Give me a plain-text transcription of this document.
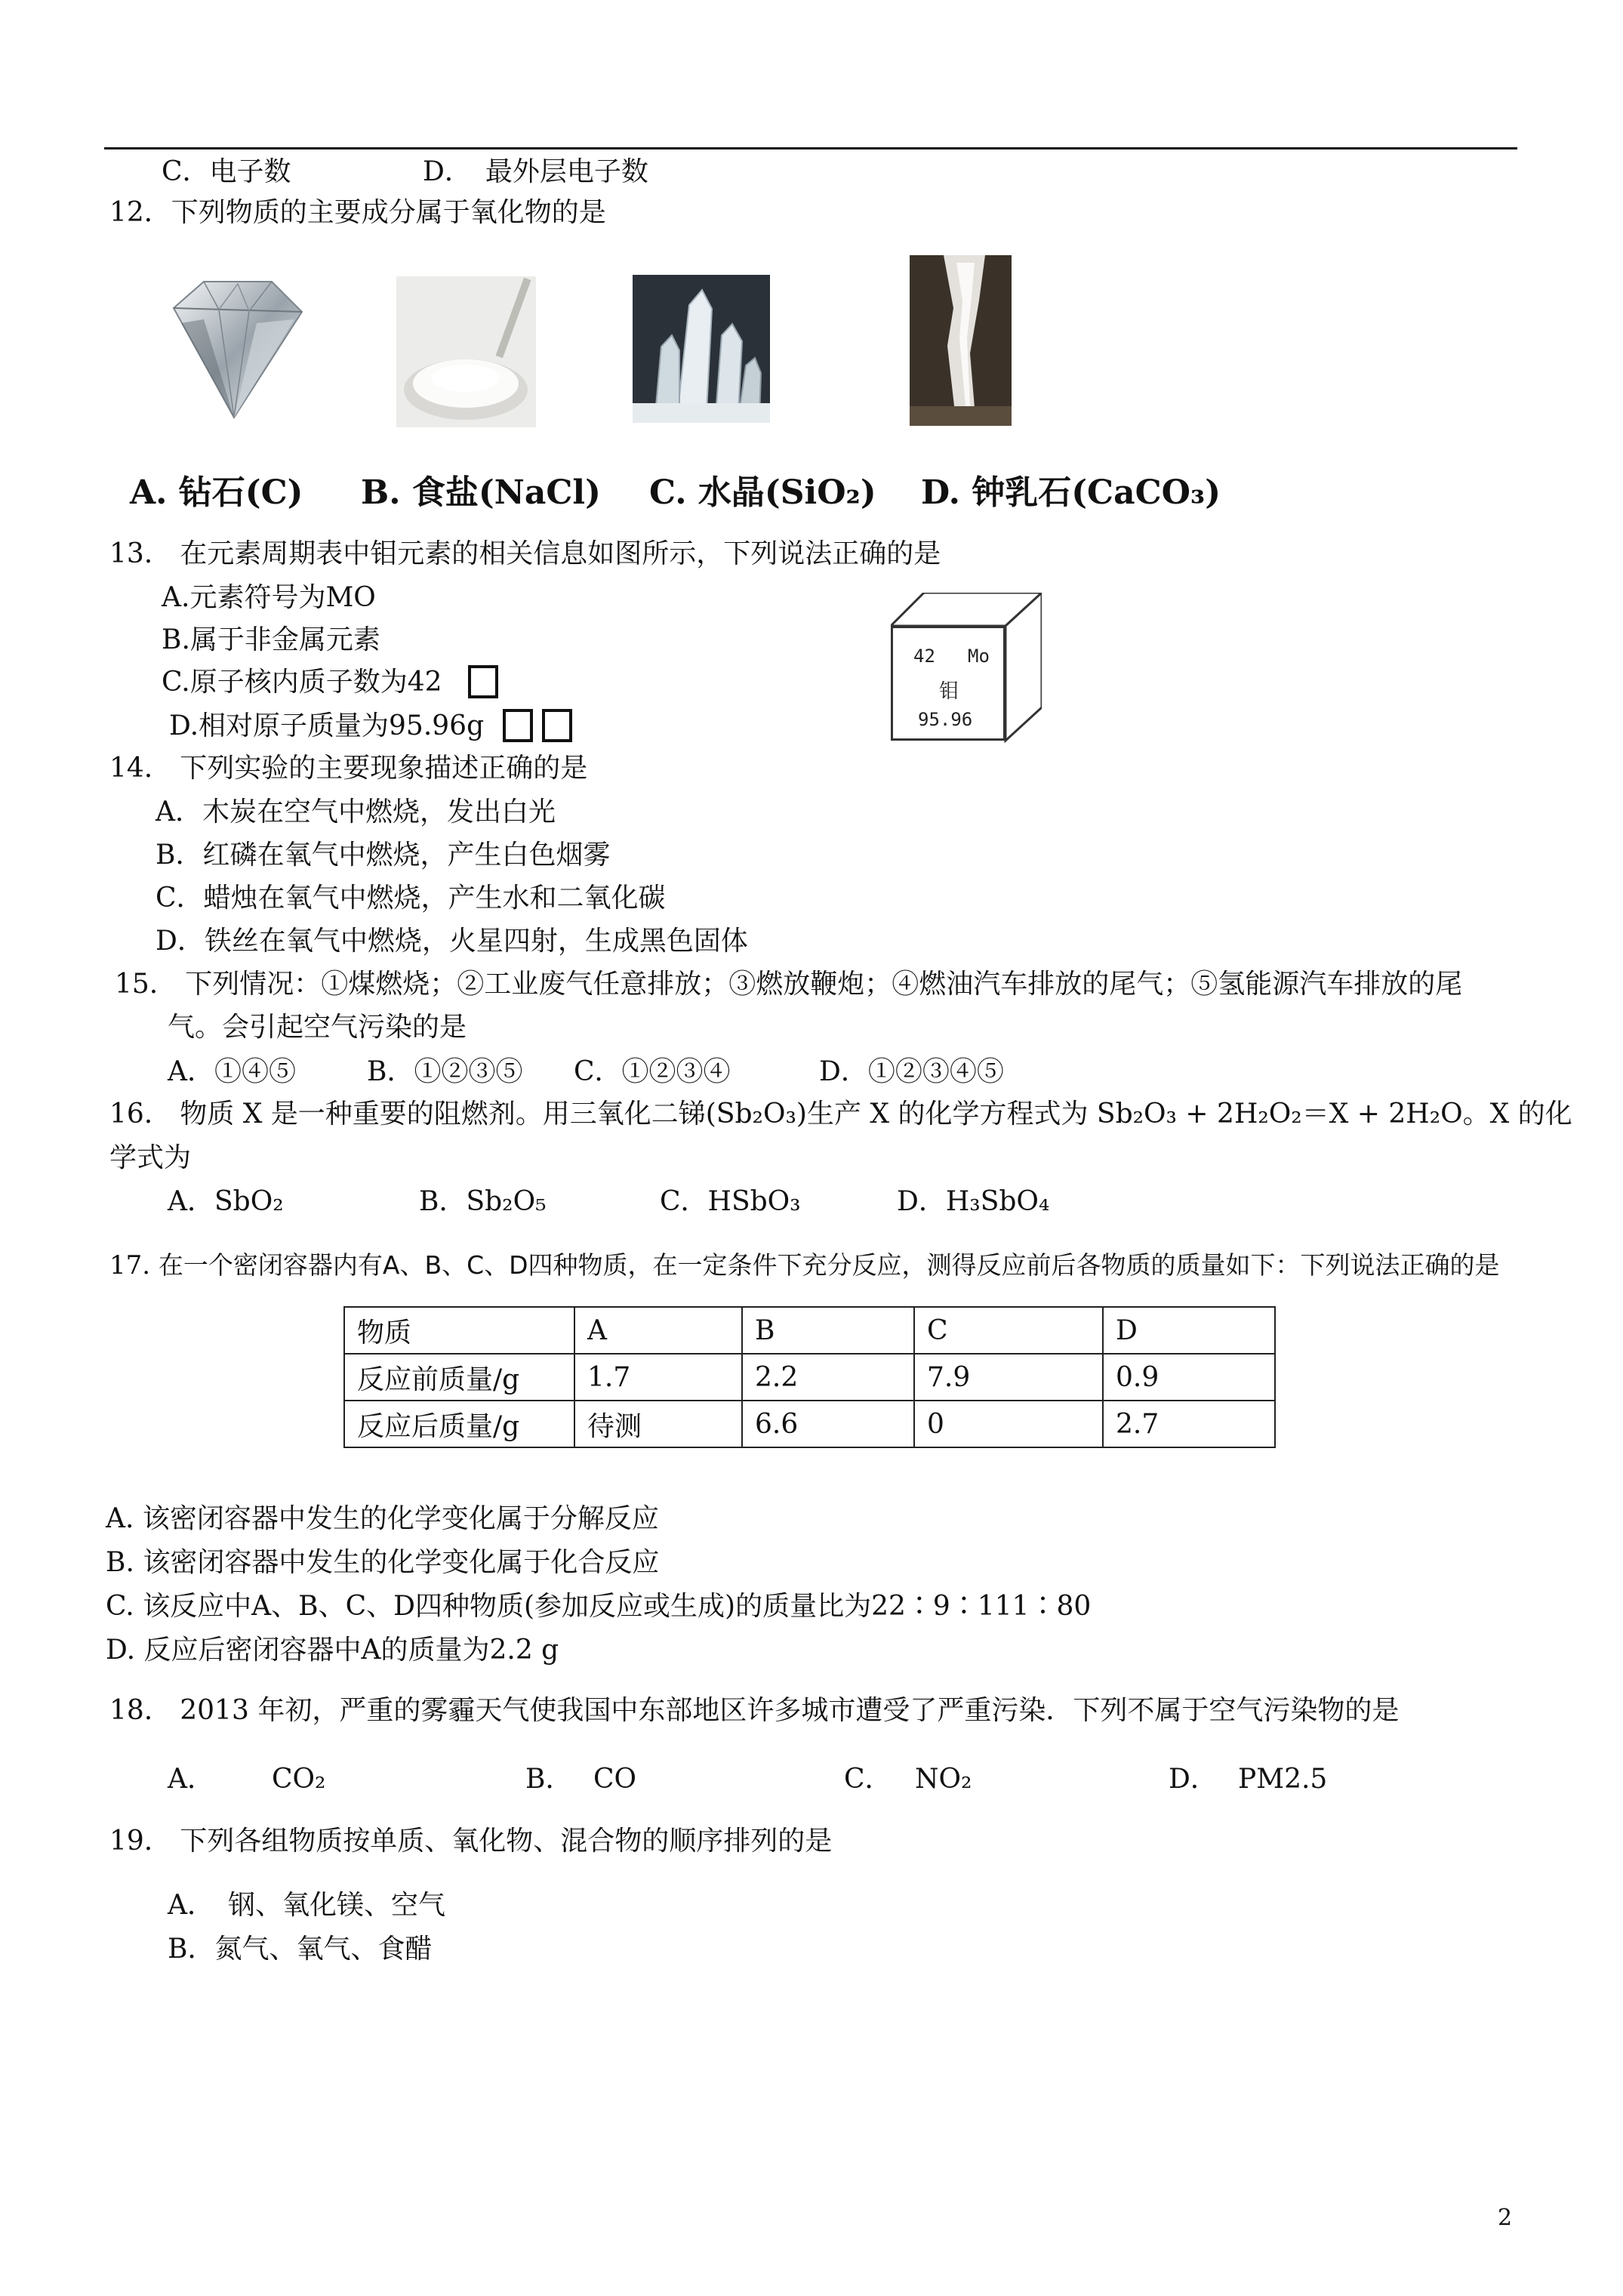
C．电子数	D．　最外层电子数
12．下列物质的主要成分属于氧化物的是
A. 钻石(C) B. 食盐(NaCl) C. 水晶(SiO₂) D. 钟乳石(CaCO₃)
13.　在元素周期表中钼元素的相关信息如图所示，下列说法正确的是
A.元素符号为MO
B.属于非金属元素
C.原子核内质子数为42
D.相对原子质量为95.96g
42 Mo
钼
95.96
14.　下列实验的主要现象描述正确的是
A．木炭在空气中燃烧，发出白光
B．红磷在氧气中燃烧，产生白色烟雾
C．蜡烛在氧气中燃烧，产生水和二氧化碳
D．铁丝在氧气中燃烧，火星四射，生成黑色固体
15.　下列情况：①煤燃烧；②工业废气任意排放；③燃放鞭炮；④燃油汽车排放的尾气；⑤氢能源汽车排放的尾
气。会引起空气污染的是
A．①④⑤	B．①②③⑤ C．①②③④	D．①②③④⑤
16.　物质 X 是一种重要的阻燃剂。用三氧化二锑(Sb₂O₃)生产 X 的化学方程式为 Sb₂O₃ + 2H₂O₂＝X + 2H₂O。X 的化
学式为
A．SbO₂	B．Sb₂O₅	C．HSbO₃	D．H₃SbO₄
17. 在一个密闭容器内有A、B、C、D四种物质，在一定条件下充分反应，测得反应前后各物质的质量如下：下列说法正确的是
物质	A	B	C	D
反应前质量/g	1.7	2.2	7.9	0.9
反应后质量/g	待测	6.6	0	2.7
A. 该密闭容器中发生的化学变化属于分解反应
B. 该密闭容器中发生的化学变化属于化合反应
C. 该反应中A、B、C、D四种物质(参加反应或生成)的质量比为22∶9∶111∶80
D. 反应后密闭容器中A的质量为2.2 g
18.　2013 年初，严重的雾霾天气使我国中东部地区许多城市遭受了严重污染．下列不属于空气污染物的是
A． CO₂	B． CO	C． NO₂	D． PM2.5
19.　下列各组物质按单质、氧化物、混合物的顺序排列的是
A．　钢、氧化镁、空气
B．氮气、氧气、食醋
2
